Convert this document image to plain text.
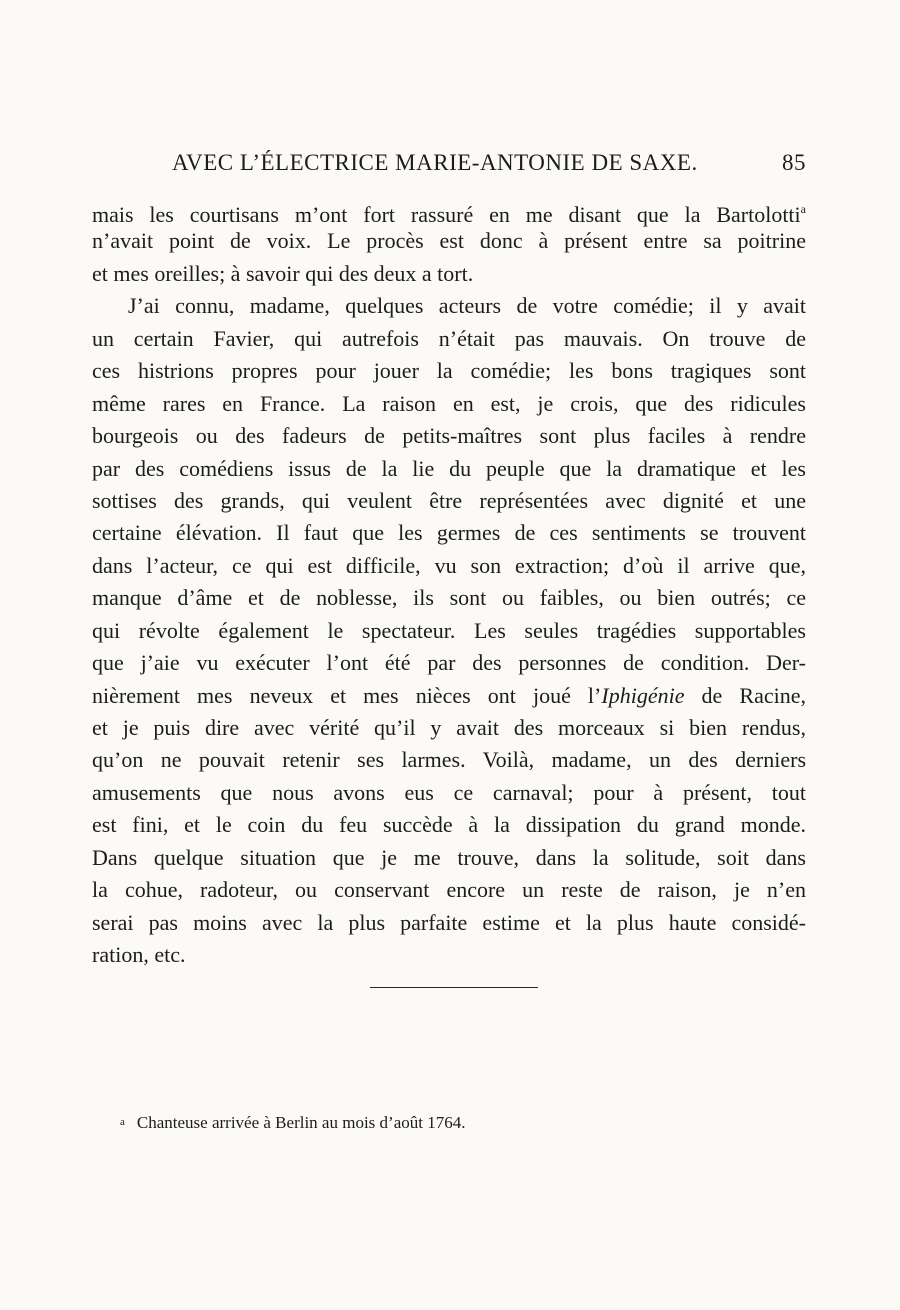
AVEC L’ÉLECTRICE MARIE-ANTONIE DE SAXE.	85
mais les courtisans m’ont fort rassuré en me disant que la Bartolotti$^a$
n’avait point de voix. Le procès est donc à présent entre sa poitrine
et mes oreilles; à savoir qui des deux a tort.
J’ai connu, madame, quelques acteurs de votre comédie; il y avait
un certain Favier, qui autrefois n’était pas mauvais. On trouve de
ces histrions propres pour jouer la comédie; les bons tragiques sont
même rares en France. La raison en est, je crois, que des ridicules
bourgeois ou des fadeurs de petits-maîtres sont plus faciles à rendre
par des comédiens issus de la lie du peuple que la dramatique et les
sottises des grands, qui veulent être représentées avec dignité et une
certaine élévation. Il faut que les germes de ces sentiments se trouvent
dans l’acteur, ce qui est difficile, vu son extraction; d’où il arrive que,
manque d’âme et de noblesse, ils sont ou faibles, ou bien outrés; ce
qui révolte également le spectateur. Les seules tragédies supportables
que j’aie vu exécuter l’ont été par des personnes de condition. Der-
nièrement mes neveux et mes nièces ont joué l’Iphigénie de Racine,
et je puis dire avec vérité qu’il y avait des morceaux si bien rendus,
qu’on ne pouvait retenir ses larmes. Voilà, madame, un des derniers
amusements que nous avons eus ce carnaval; pour à présent, tout
est fini, et le coin du feu succède à la dissipation du grand monde.
Dans quelque situation que je me trouve, dans la solitude, soit dans
la cohue, radoteur, ou conservant encore un reste de raison, je n’en
serai pas moins avec la plus parfaite estime et la plus haute considé-
ration, etc.
a Chanteuse arrivée à Berlin au mois d’août 1764.
